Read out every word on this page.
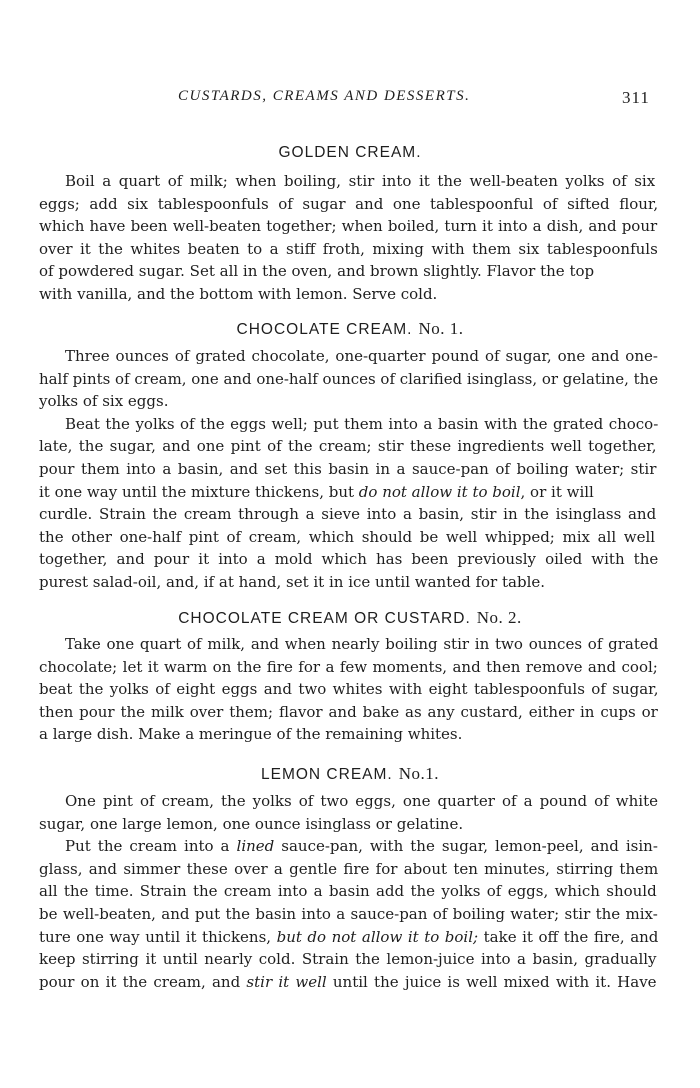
CUSTARDS, CREAMS AND DESSERTS.	311
GOLDEN CREAM.
Boil a quart of milk; when boiling, stir into it the well-beaten yolks of six
eggs; add six tablespoonfuls of sugar and one tablespoonful of sifted flour,
which have been well-beaten together; when boiled, turn it into a dish, and pour
over it the whites beaten to a stiff froth, mixing with them six tablespoonfuls
of powdered sugar. Set all in the oven, and brown slightly. Flavor the top
with vanilla, and the bottom with lemon. Serve cold.
CHOCOLATE CREAM. No. 1.
Three ounces of grated chocolate, one-quarter pound of sugar, one and one-
half pints of cream, one and one-half ounces of clarified isinglass, or gelatine, the
yolks of six eggs.
Beat the yolks of the eggs well; put them into a basin with the grated choco-
late, the sugar, and one pint of the cream; stir these ingredients well together,
pour them into a basin, and set this basin in a sauce-pan of boiling water; stir
it one way until the mixture thickens, but do not allow it to boil, or it will
curdle. Strain the cream through a sieve into a basin, stir in the isinglass and
the other one-half pint of cream, which should be well whipped; mix all well
together, and pour it into a mold which has been previously oiled with the
purest salad-oil, and, if at hand, set it in ice until wanted for table.
CHOCOLATE CREAM OR CUSTARD. No. 2.
Take one quart of milk, and when nearly boiling stir in two ounces of grated
chocolate; let it warm on the fire for a few moments, and then remove and cool;
beat the yolks of eight eggs and two whites with eight tablespoonfuls of sugar,
then pour the milk over them; flavor and bake as any custard, either in cups or
a large dish. Make a meringue of the remaining whites.
LEMON CREAM. No.1.
One pint of cream, the yolks of two eggs, one quarter of a pound of white
sugar, one large lemon, one ounce isinglass or gelatine.
Put the cream into a lined sauce-pan, with the sugar, lemon-peel, and isin-
glass, and simmer these over a gentle fire for about ten minutes, stirring them
all the time. Strain the cream into a basin add the yolks of eggs, which should
be well-beaten, and put the basin into a sauce-pan of boiling water; stir the mix-
ture one way until it thickens, but do not allow it to boil; take it off the fire, and
keep stirring it until nearly cold. Strain the lemon-juice into a basin, gradually
pour on it the cream, and stir it well until the juice is well mixed with it. Have
